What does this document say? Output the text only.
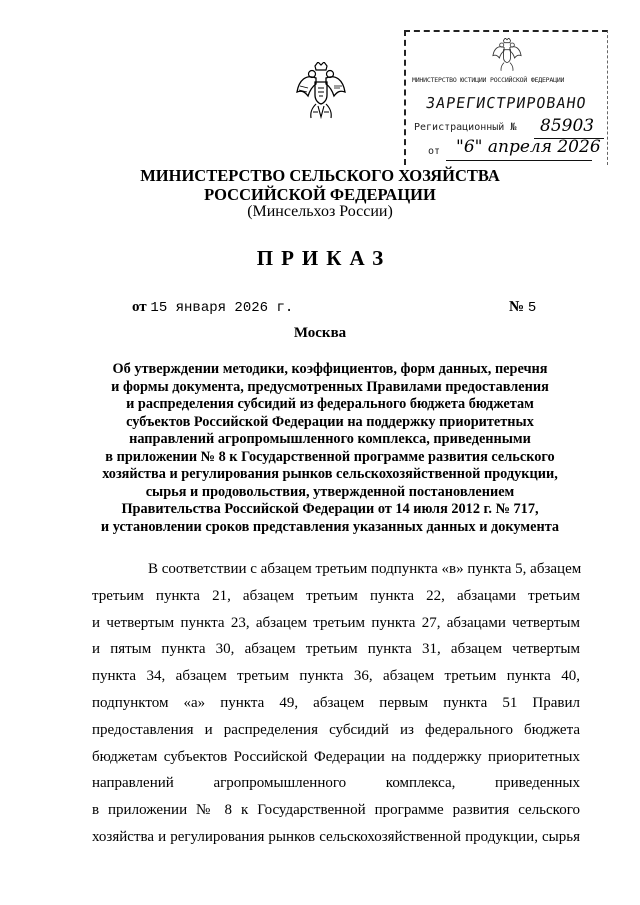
МИНИСТЕРСТВО ЮСТИЦИИ РОССИЙСКОЙ ФЕДЕРАЦИИ
ЗАРЕГИСТРИРОВАНО
Регистрационный № 85903
от "6" апреля 2026
МИНИСТЕРСТВО СЕЛЬСКОГО ХОЗЯЙСТВА
РОССИЙСКОЙ ФЕДЕРАЦИИ
(Минсельхоз России)
ПРИКАЗ
от 15 января 2026 г.	№ 5
Москва
Об утверждении методики, коэффициентов, форм данных, перечня
и формы документа, предусмотренных Правилами предоставления
и распределения субсидий из федерального бюджета бюджетам
субъектов Российской Федерации на поддержку приоритетных
направлений агропромышленного комплекса, приведенными
в приложении № 8 к Государственной программе развития сельского
хозяйства и регулирования рынков сельскохозяйственной продукции,
сырья и продовольствия, утвержденной постановлением
Правительства Российской Федерации от 14 июля 2012 г. № 717,
и установлении сроков представления указанных данных и документа
В соответствии с абзацем третьим подпункта «в» пункта 5, абзацем
третьим пункта 21, абзацем третьим пункта 22, абзацами третьим
и четвертым пункта 23, абзацем третьим пункта 27, абзацами четвертым
и пятым пункта 30, абзацем третьим пункта 31, абзацем четвертым
пункта 34, абзацем третьим пункта 36, абзацем третьим пункта 40,
подпунктом «а» пункта 49, абзацем первым пункта 51 Правил
предоставления и распределения субсидий из федерального бюджета
бюджетам субъектов Российской Федерации на поддержку приоритетных
направлений агропромышленного комплекса, приведенных
в приложении № 8 к Государственной программе развития сельского
хозяйства и регулирования рынков сельскохозяйственной продукции, сырья
